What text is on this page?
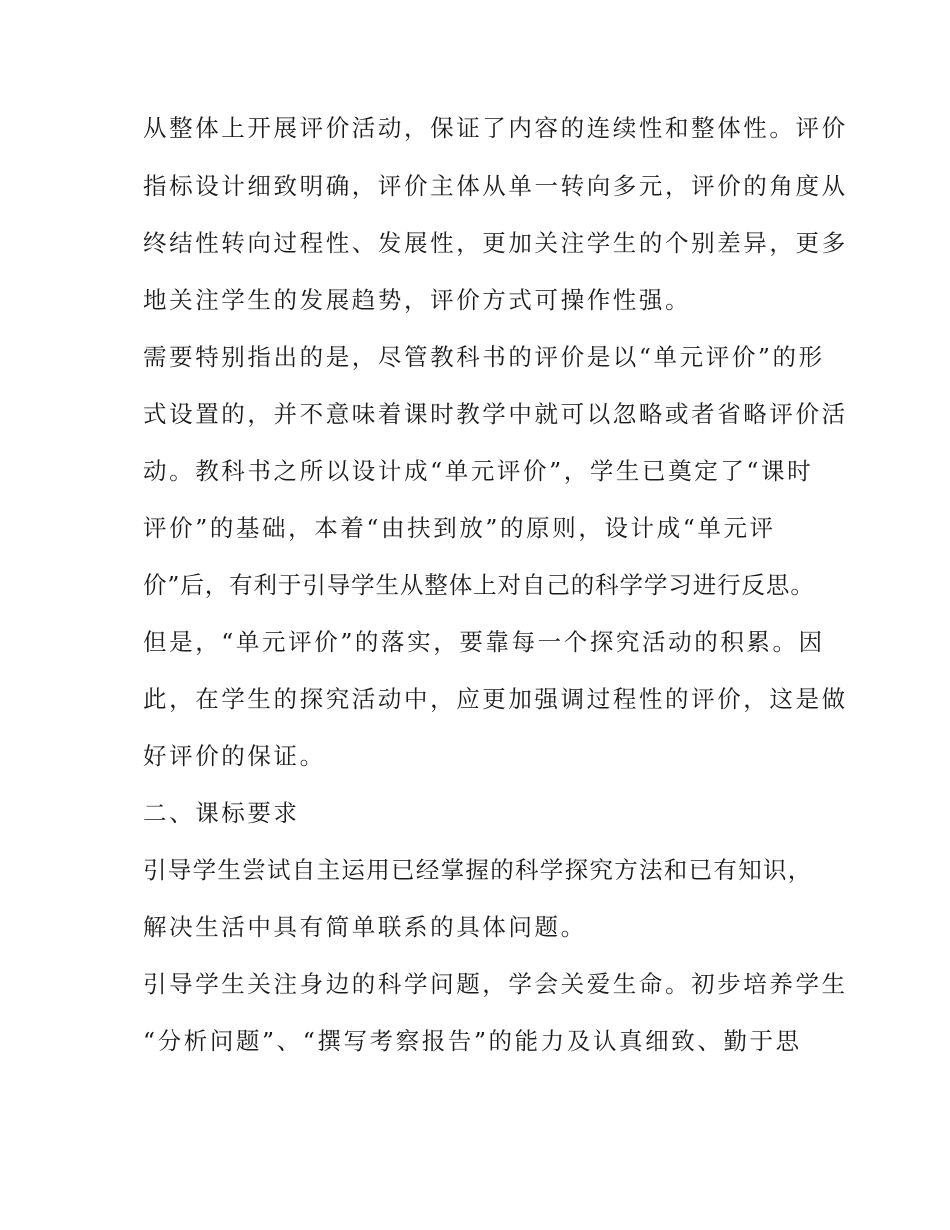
从整体上开展评价活动，保证了内容的连续性和整体性。评价

指标设计细致明确，评价主体从单一转向多元，评价的角度从

终结性转向过程性、发展性，更加关注学生的个别差异，更多

地关注学生的发展趋势，评价方式可操作性强。

需要特别指出的是，尽管教科书的评价是以“单元评价”的形

式设置的，并不意味着课时教学中就可以忽略或者省略评价活

动。教科书之所以设计成“单元评价”，学生已奠定了“课时

评价”的基础，本着“由扶到放”的原则，设计成“单元评

价”后，有利于引导学生从整体上对自己的科学学习进行反思。

但是，“单元评价”的落实，要靠每一个探究活动的积累。因

此，在学生的探究活动中，应更加强调过程性的评价，这是做

好评价的保证。

二、课标要求

引导学生尝试自主运用已经掌握的科学探究方法和已有知识，

解决生活中具有简单联系的具体问题。

引导学生关注身边的科学问题，学会关爱生命。初步培养学生

“分析问题”、“撰写考察报告”的能力及认真细致、勤于思
